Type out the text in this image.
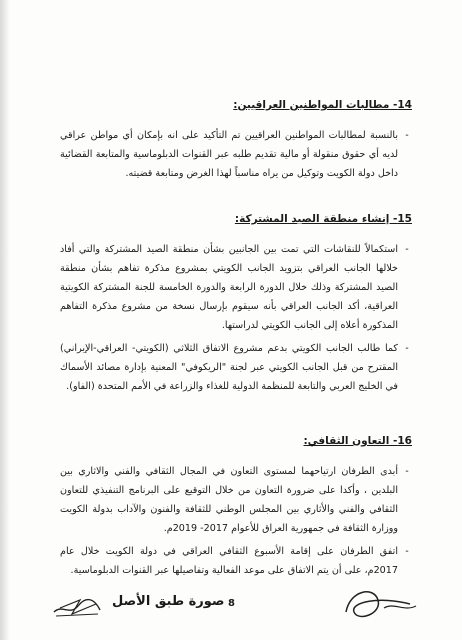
14- مطالبات المواطنين العراقيين:
-
بالنسبة لمطالبات المواطنين العراقيين تم التأكيد على انه بإمكان أي مواطن عراقي لديه أي حقوق منقولة أو مالية تقديم طلبه عبر القنوات الدبلوماسية والمتابعة القضائية داخل دولة الكويت وتوكيل من يراه مناسباً لهذا الغرض ومتابعة قضيته.
15- إنشاء منطقة الصيد المشتركة:
-
استكمالاً للنقاشات التي تمت بين الجانبين بشأن منطقة الصيد المشتركة والتي أفاد خلالها الجانب العراقي بتزويد الجانب الكويتي بمشروع مذكرة تفاهم بشأن منطقة الصيد المشتركة وذلك خلال الدورة الرابعة والدورة الخامسة للجنة المشتركة الكويتية العراقية، أكد الجانب العراقي بأنه سيقوم بإرسال نسخة من مشروع مذكرة التفاهم المذكورة أعلاه إلى الجانب الكويتي لدراستها.
-
كما طالب الجانب الكويتي بدعم مشروع الاتفاق الثلاثي (الكويتي- العراقي-الإيراني) المقترح من قبل الجانب الكويتي عبر لجنة "الريكوفي" المعنية بإدارة مصائد الأسماك في الخليج العربي والتابعة للمنظمة الدولية للغذاء والزراعة في الأمم المتحدة (الفاو).
16- التعاون الثقافي:
-
أبدى الطرفان ارتياحهما لمستوى التعاون في المجال الثقافي والفني والاثاري بين البلدين ، وأكدا على ضرورة التعاون من خلال التوقيع على البرنامج التنفيذي للتعاون الثقافي والفني والأثاري بين المجلس الوطني للثقافة والفنون والآداب بدولة الكويت ووزارة الثقافة في جمهورية العراق للأعوام 2017- 2019م.
-
اتفق الطرفان على إقامة الأسبوع الثقافي العراقي في دولة الكويت خلال عام 2017م، على أن يتم الاتفاق على موعد الفعالية وتفاصيلها عبر القنوات الدبلوماسية.
صورة طبق الأصل 8
